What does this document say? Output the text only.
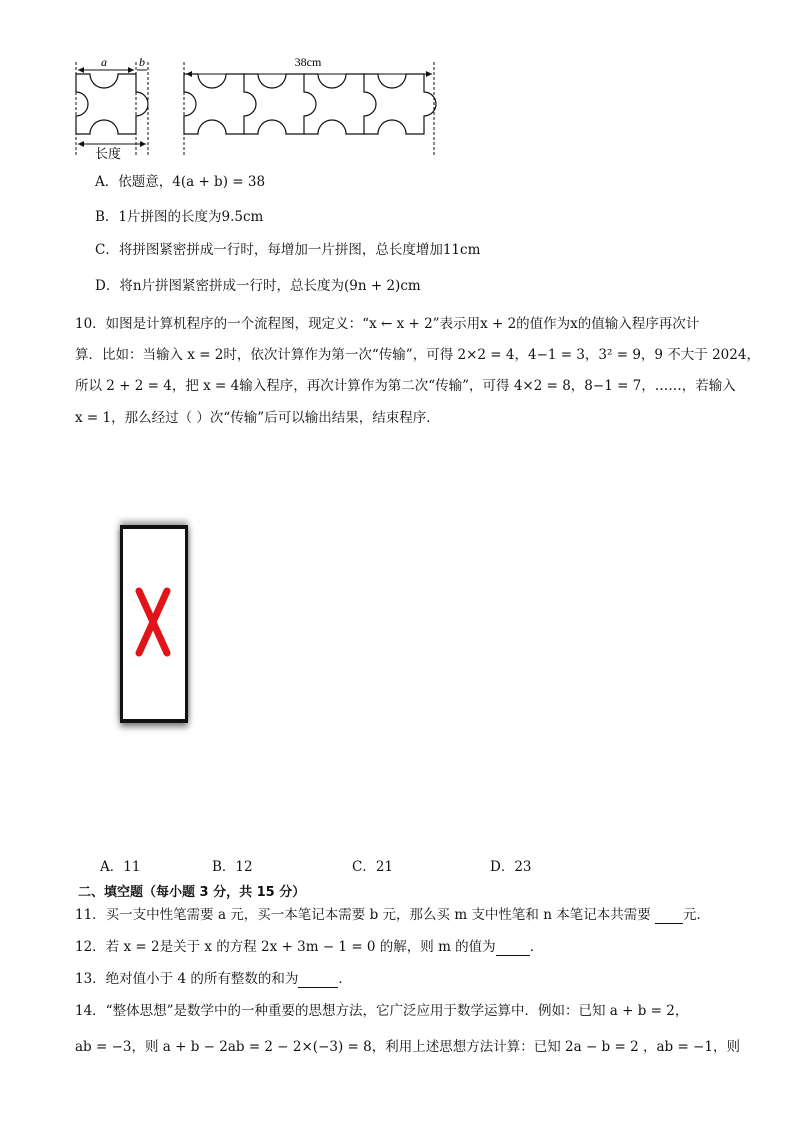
a	b
长度
38cm
A．依题意，4(a + b) = 38
B．1片拼图的长度为9.5cm
C．将拼图紧密拼成一行时，每增加一片拼图，总长度增加11cm
D．将n片拼图紧密拼成一行时，总长度为(9n + 2)cm
10．如图是计算机程序的一个流程图，现定义：“x ← x + 2”表示用x + 2的值作为x的值输入程序再次计
算．比如：当输入 x = 2时，依次计算作为第一次“传输”，可得 2×2 = 4，4−1 = 3，3² = 9，9 不大于 2024，
所以 2 + 2 = 4，把 x = 4输入程序，再次计算作为第二次“传输”，可得 4×2 = 8，8−1 = 7，……，若输入
x = 1，那么经过（ ）次“传输”后可以输出结果，结束程序．
A．11	B．12	C．21	D．23
二、填空题（每小题 3 分，共 15 分）
11．买一支中性笔需要 a 元，买一本笔记本需要 b 元，那么买 m 支中性笔和 n 本笔记本共需要 元．
12．若 x = 2是关于 x 的方程 2x + 3m − 1 = 0 的解，则 m 的值为	．
13．绝对值小于 4 的所有整数的和为	．
14．“整体思想”是数学中的一种重要的思想方法，它广泛应用于数学运算中．例如：已知 a + b = 2，
ab = −3，则 a + b − 2ab = 2 − 2×(−3) = 8，利用上述思想方法计算：已知 2a − b = 2 ，ab = −1，则
